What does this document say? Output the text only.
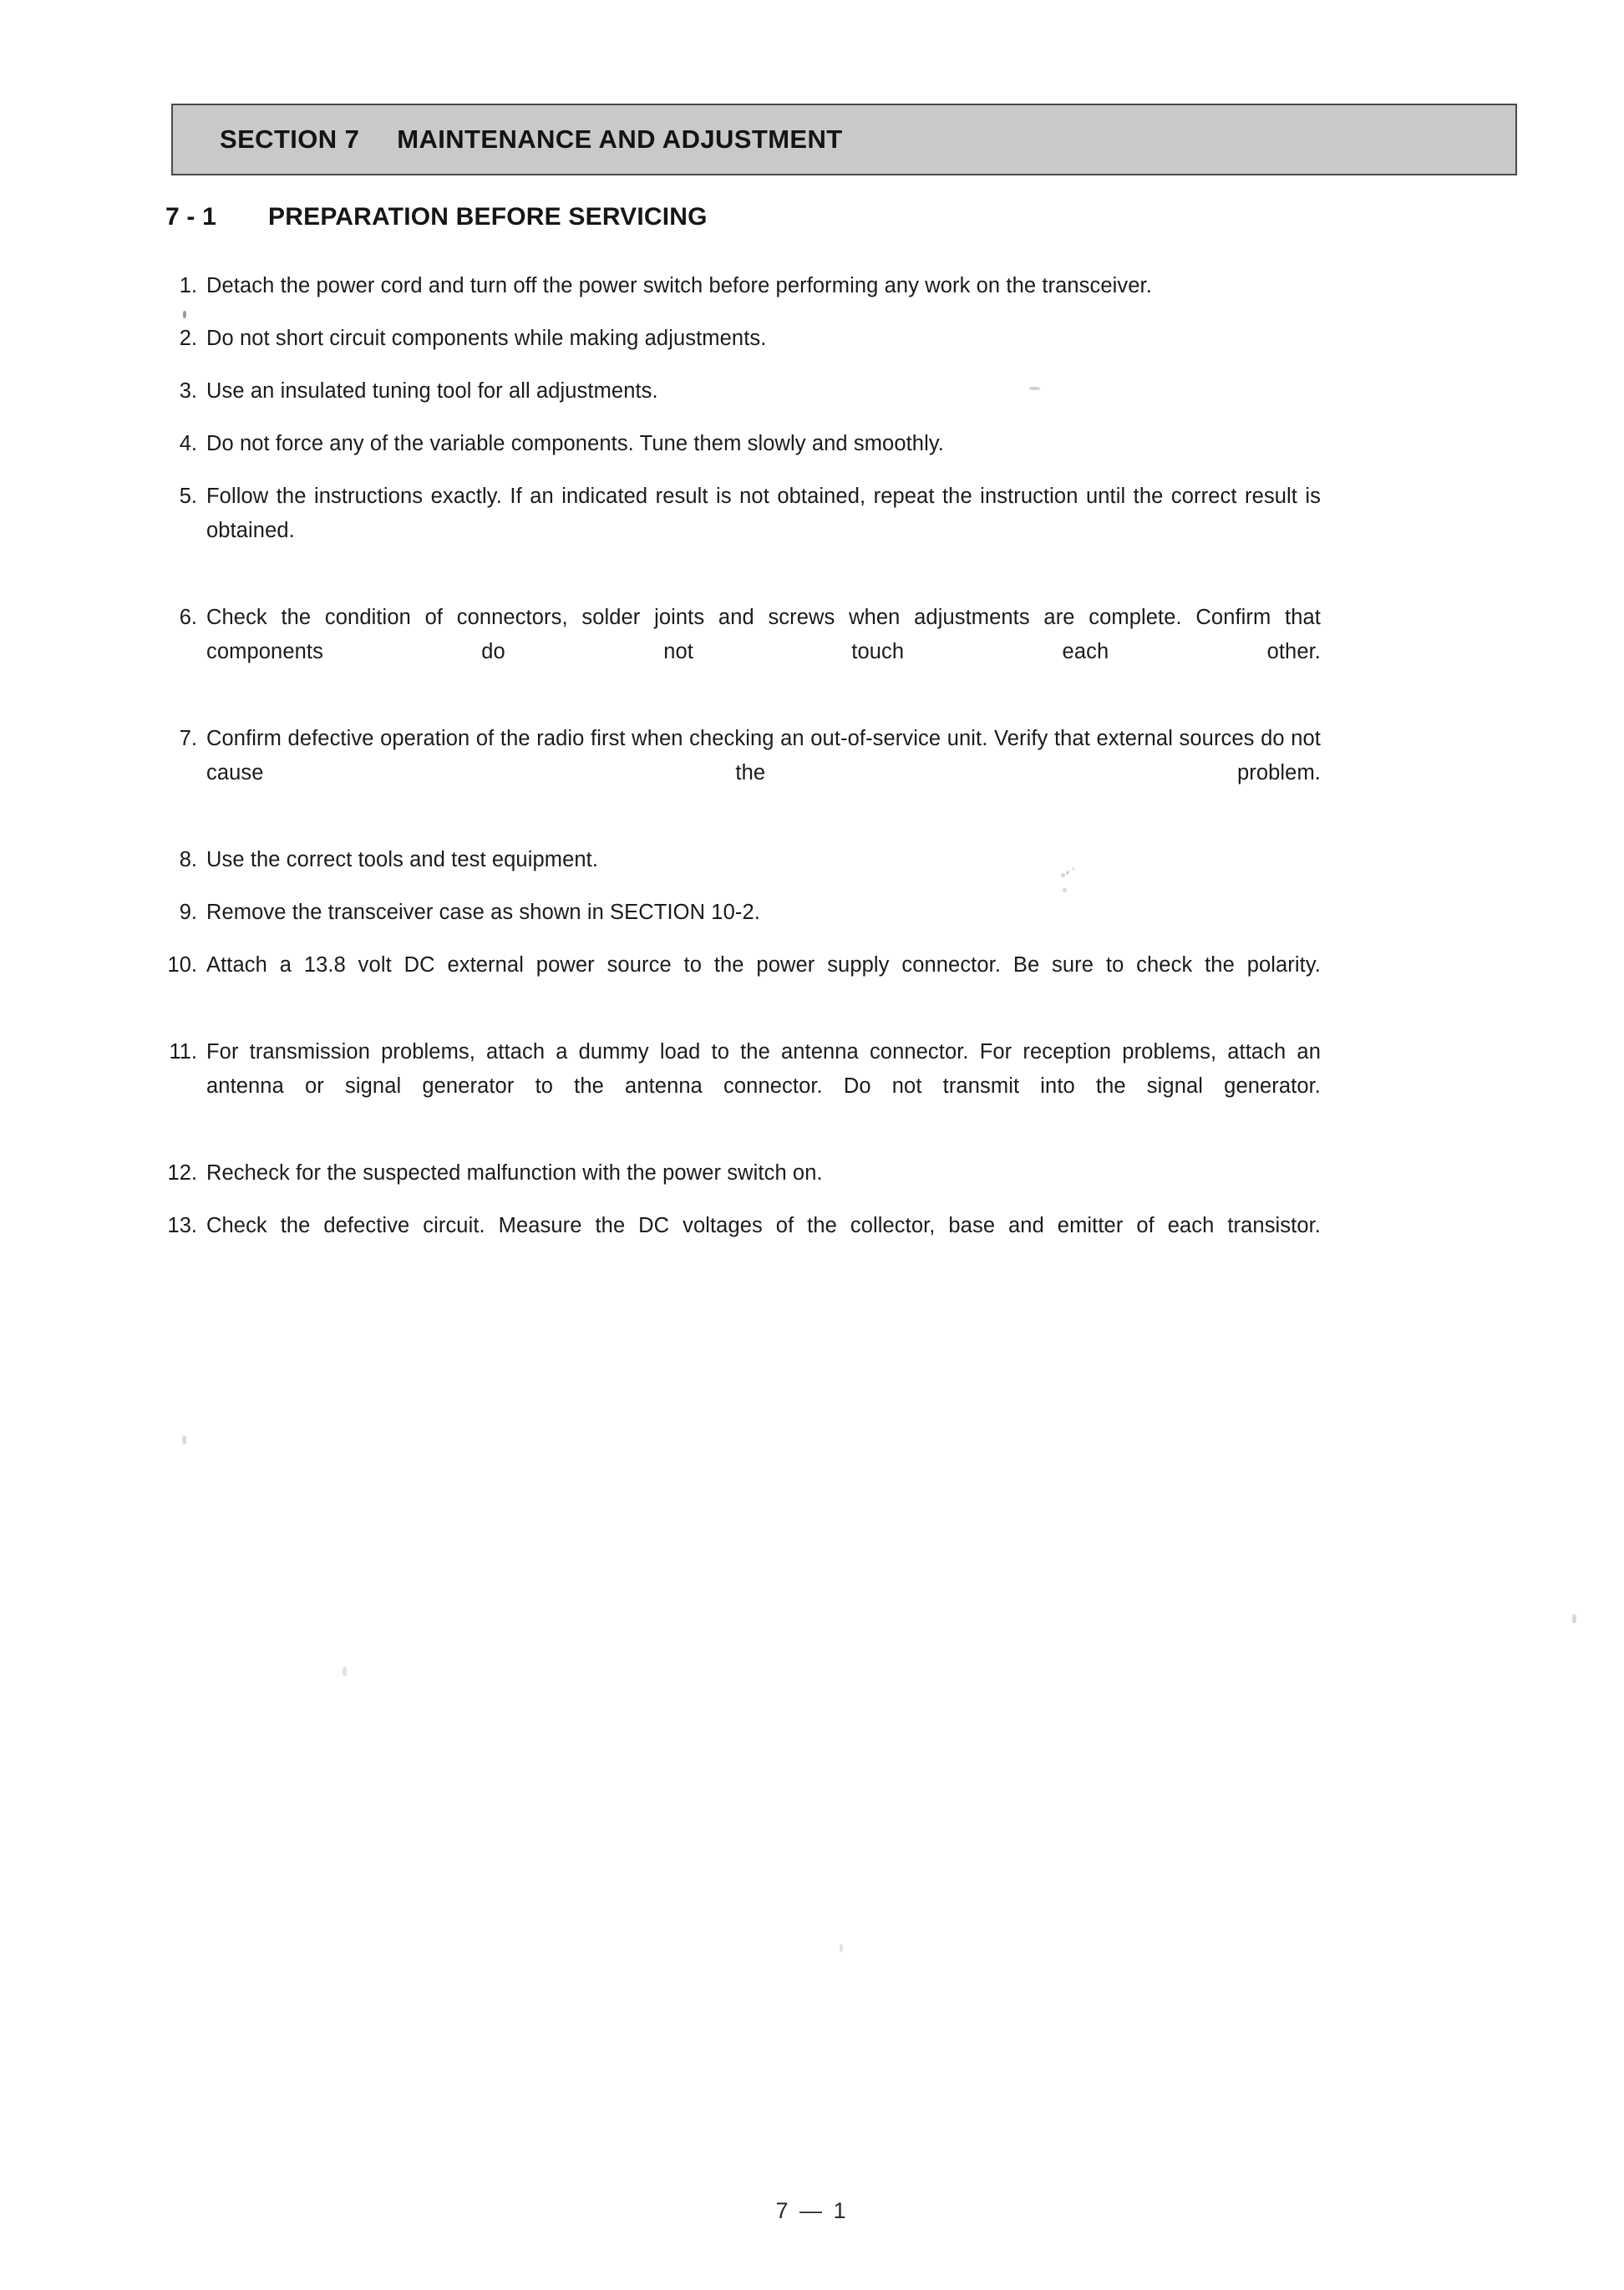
SECTION 7 MAINTENANCE AND ADJUSTMENT
7 - 1 PREPARATION BEFORE SERVICING
1. Detach the power cord and turn off the power switch before performing any work on the transceiver.
2. Do not short circuit components while making adjustments.
3. Use an insulated tuning tool for all adjustments.
4. Do not force any of the variable components. Tune them slowly and smoothly.
5. Follow the instructions exactly. If an indicated result is not obtained, repeat the instruction until the correct result is obtained.
6. Check the condition of connectors, solder joints and screws when adjustments are complete. Confirm that components do not touch each other.
7. Confirm defective operation of the radio first when checking an out-of-service unit. Verify that external sources do not cause the problem.
8. Use the correct tools and test equipment.
9. Remove the transceiver case as shown in SECTION 10-2.
10. Attach a 13.8 volt DC external power source to the power supply connector. Be sure to check the polarity.
11. For transmission problems, attach a dummy load to the antenna connector. For reception problems, attach an antenna or signal generator to the antenna connector. Do not transmit into the signal generator.
12. Recheck for the suspected malfunction with the power switch on.
13. Check the defective circuit. Measure the DC voltages of the collector, base and emitter of each transistor.
7 — 1
